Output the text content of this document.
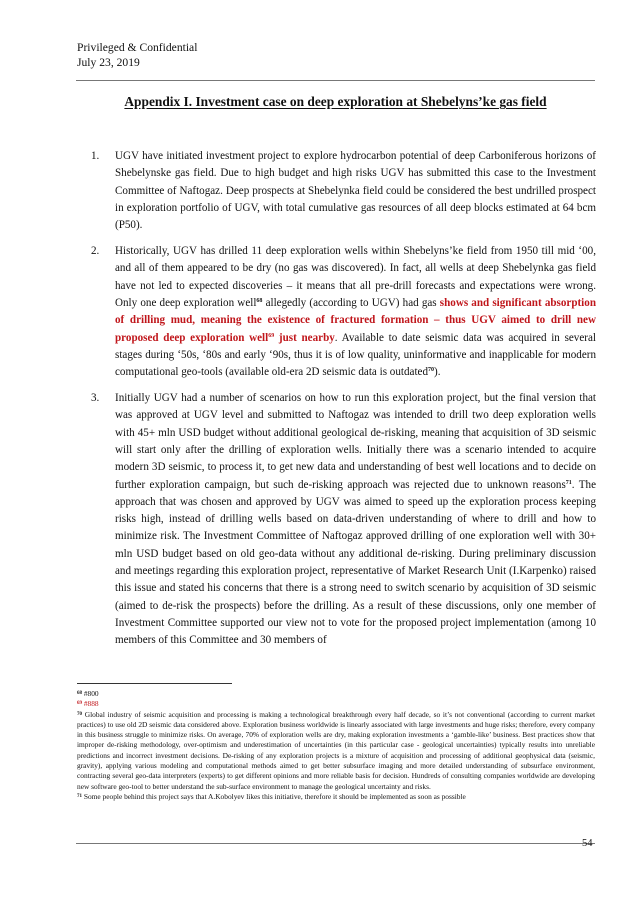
Privileged & Confidential
July 23, 2019
Appendix I. Investment case on deep exploration at Shebelyns’ke gas field
1. UGV have initiated investment project to explore hydrocarbon potential of deep Carboniferous horizons of Shebelynske gas field. Due to high budget and high risks UGV has submitted this case to the Investment Committee of Naftogaz. Deep prospects at Shebelynka field could be considered the best undrilled prospect in exploration portfolio of UGV, with total cumulative gas resources of all deep blocks estimated at 64 bcm (P50).
2. Historically, UGV has drilled 11 deep exploration wells within Shebelyns’ke field from 1950 till mid ‘00, and all of them appeared to be dry (no gas was discovered). In fact, all wells at deep Shebelynka gas field have not led to expected discoveries – it means that all pre-drill forecasts and expectations were wrong. Only one deep exploration well$^{68}$ allegedly (according to UGV) had gas shows and significant absorption of drilling mud, meaning the existence of fractured formation – thus UGV aimed to drill new proposed deep exploration well$^{69}$ just nearby. Available to date seismic data was acquired in several stages during ‘50s, ‘80s and early ‘90s, thus it is of low quality, uninformative and inapplicable for modern computational geo-tools (available old-era 2D seismic data is outdated$^{70}$).
3. Initially UGV had a number of scenarios on how to run this exploration project, but the final version that was approved at UGV level and submitted to Naftogaz was intended to drill two deep exploration wells with 45+ mln USD budget without additional geological de-risking, meaning that acquisition of 3D seismic will start only after the drilling of exploration wells. Initially there was a scenario intended to acquire modern 3D seismic, to process it, to get new data and understanding of best well locations and to decide on further exploration campaign, but such de-risking approach was rejected due to unknown reasons$^{71}$. The approach that was chosen and approved by UGV was aimed to speed up the exploration process keeping risks high, instead of drilling wells based on data-driven understanding of where to drill and how to minimize risk. The Investment Committee of Naftogaz approved drilling of one exploration well with 30+ mln USD budget based on old geo-data without any additional de-risking. During preliminary discussion and meetings regarding this exploration project, representative of Market Research Unit (I.Karpenko) raised this issue and stated his concerns that there is a strong need to switch scenario by acquisition of 3D seismic (aimed to de-risk the prospects) before the drilling. As a result of these discussions, only one member of Investment Committee supported our view not to vote for the proposed project implementation (among 10 members of this Committee and 30 members of

$^{68}$ #800

$^{69}$ #888

$^{70}$ Global industry of seismic acquisition and processing is making a technological breakthrough every half decade, so it’s not conventional (according to current market practices) to use old 2D seismic data considered above. Exploration business worldwide is linearly associated with large investments and huge risks; therefore, every company in this business struggle to minimize risks. On average, 70% of exploration wells are dry, making exploration investments a ‘gamble-like’ business. Best practices show that improper de-risking methodology, over-optimism and underestimation of uncertainties (in this particular case - geological uncertainties) typically results into unreliable predictions and incorrect investment decisions. De-risking of any exploration projects is a mixture of acquisition and processing of additional geophysical data (seismic, gravity), applying various modeling and computational methods aimed to get better subsurface imaging and more detailed understanding of subsurface environment, contracting several geo-data interpreters (experts) to get different opinions and more reliable basis for decision. Hundreds of consulting companies worldwide are developing new software geo-tool to better understand the sub-surface environment to manage the geological uncertainty and risks.

$^{71}$ Some people behind this project says that A.Kobolyev likes this initiative, therefore it should be implemented as soon as possible

54
